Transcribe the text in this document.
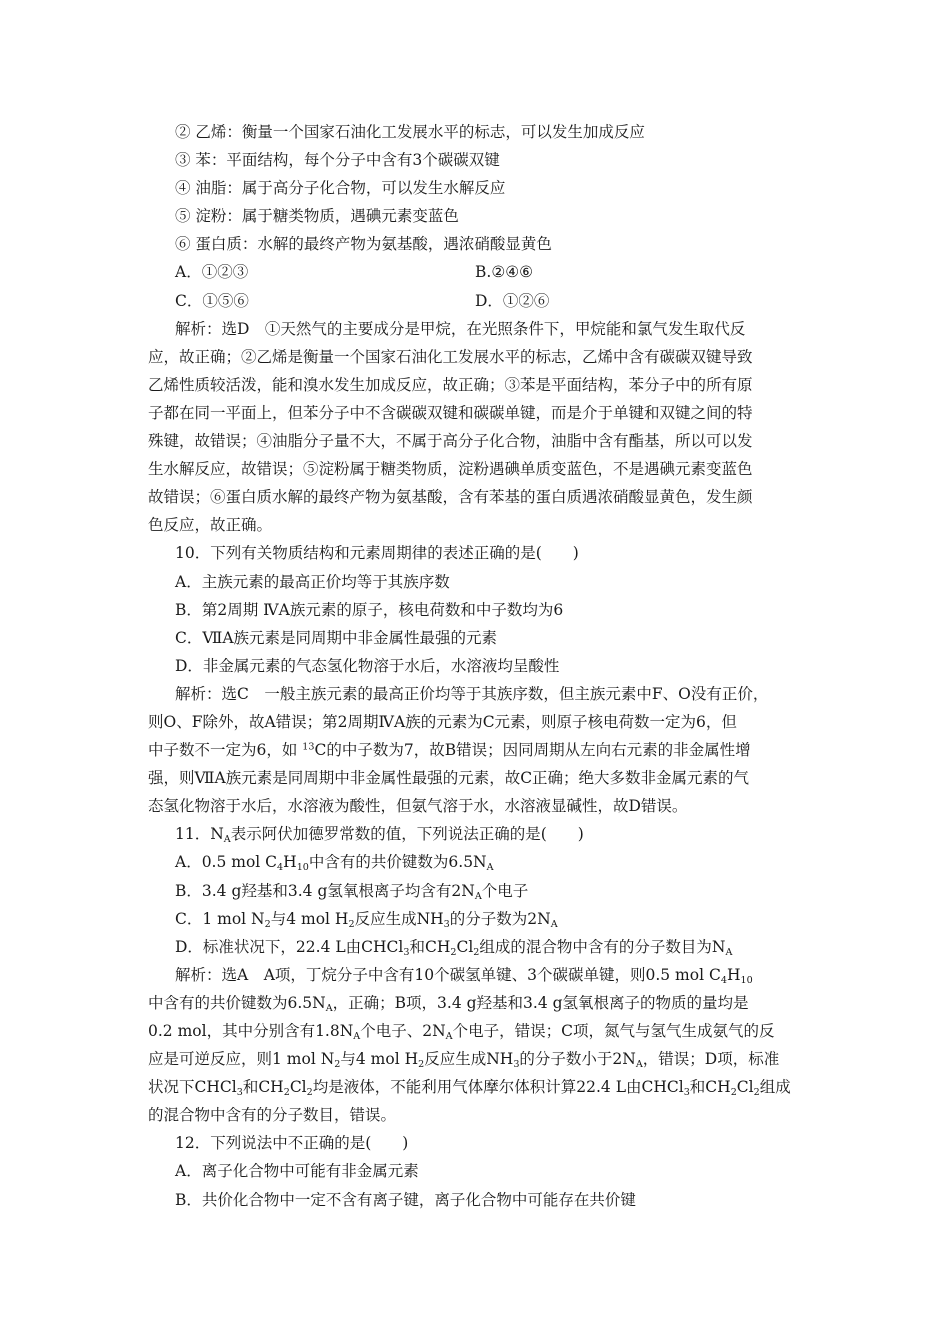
② 乙烯：衡量一个国家石油化工发展水平的标志，可以发生加成反应
③ 苯：平面结构，每个分子中含有3个碳碳双键
④ 油脂：属于高分子化合物，可以发生水解反应
⑤ 淀粉：属于糖类物质，遇碘元素变蓝色
⑥ 蛋白质：水解的最终产物为氨基酸，遇浓硝酸显黄色
A．①②③	B.②④⑥
C．①⑤⑥	D．①②⑥
解析：选D　①天然气的主要成分是甲烷，在光照条件下，甲烷能和氯气发生取代反
应，故正确；②乙烯是衡量一个国家石油化工发展水平的标志，乙烯中含有碳碳双键导致
乙烯性质较活泼，能和溴水发生加成反应，故正确；③苯是平面结构，苯分子中的所有原
子都在同一平面上，但苯分子中不含碳碳双键和碳碳单键，而是介于单键和双键之间的特
殊键，故错误；④油脂分子量不大，不属于高分子化合物，油脂中含有酯基，所以可以发
生水解反应，故错误；⑤淀粉属于糖类物质，淀粉遇碘单质变蓝色，不是遇碘元素变蓝色
故错误；⑥蛋白质水解的最终产物为氨基酸，含有苯基的蛋白质遇浓硝酸显黄色，发生颜
色反应，故正确。
10．下列有关物质结构和元素周期律的表述正确的是(　　)
A．主族元素的最高正价均等于其族序数
B．第2周期 ⅣA族元素的原子，核电荷数和中子数均为6
C．ⅦA族元素是同周期中非金属性最强的元素
D．非金属元素的气态氢化物溶于水后，水溶液均呈酸性
解析：选C　一般主族元素的最高正价均等于其族序数，但主族元素中F、O没有正价，
则O、F除外，故A错误；第2周期ⅣA族的元素为C元素，则原子核电荷数一定为6，但
中子数不一定为6，如 $^{13}$C的中子数为7，故B错误；因同周期从左向右元素的非金属性增
强，则ⅦA族元素是同周期中非金属性最强的元素，故C正确；绝大多数非金属元素的气
态氢化物溶于水后，水溶液为酸性，但氨气溶于水，水溶液显碱性，故D错误。
11．NA表示阿伏加德罗常数的值，下列说法正确的是(　　)
A．0.5 mol C4H10中含有的共价键数为6.5NA
B．3.4 g羟基和3.4 g氢氧根离子均含有2NA个电子
C．1 mol N2与4 mol H2反应生成NH3的分子数为2NA
D．标准状况下，22.4 L由CHCl3和CH2Cl2组成的混合物中含有的分子数目为NA
解析：选A　A项，丁烷分子中含有10个碳氢单键、3个碳碳单键，则0.5 mol C4H10
中含有的共价键数为6.5NA，正确；B项，3.4 g羟基和3.4 g氢氧根离子的物质的量均是
0.2 mol，其中分别含有1.8NA个电子、2NA个电子，错误；C项，氮气与氢气生成氨气的反
应是可逆反应，则1 mol N2与4 mol H2反应生成NH3的分子数小于2NA，错误；D项，标准
状况下CHCl3和CH2Cl2均是液体，不能利用气体摩尔体积计算22.4 L由CHCl3和CH2Cl2组成
的混合物中含有的分子数目，错误。
12．下列说法中不正确的是(　　)
A．离子化合物中可能有非金属元素
B．共价化合物中一定不含有离子键，离子化合物中可能存在共价键
